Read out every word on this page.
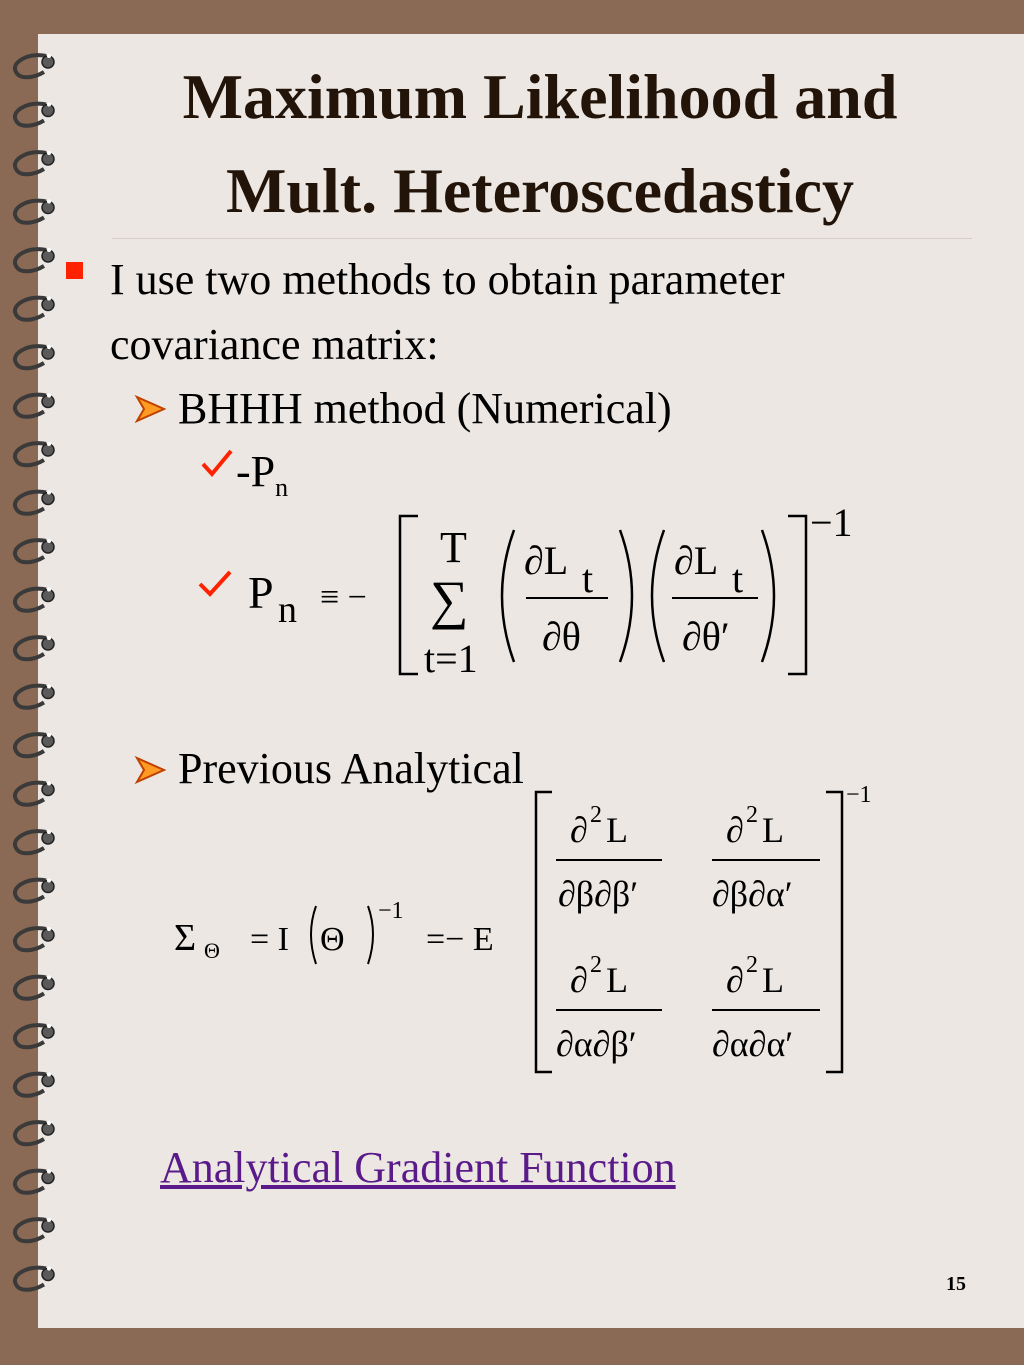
Maximum Likelihood and
Mult. Heteroscedasticy
I use two methods to obtain parameter
covariance matrix:
BHHH method (Numerical)
$-P_n$
P n ≡ −
T
∑
t=1
∂L t
∂θ
∂L t
∂θ′
−1
Previous Analytical
Σ Θ = I Θ
−1
=− E
∂ 2 L
∂β∂β′
∂ 2 L
∂β∂α′
∂ 2 L
∂α∂β′
∂ 2 L
∂α∂α′
−1
Analytical Gradient Function
15
